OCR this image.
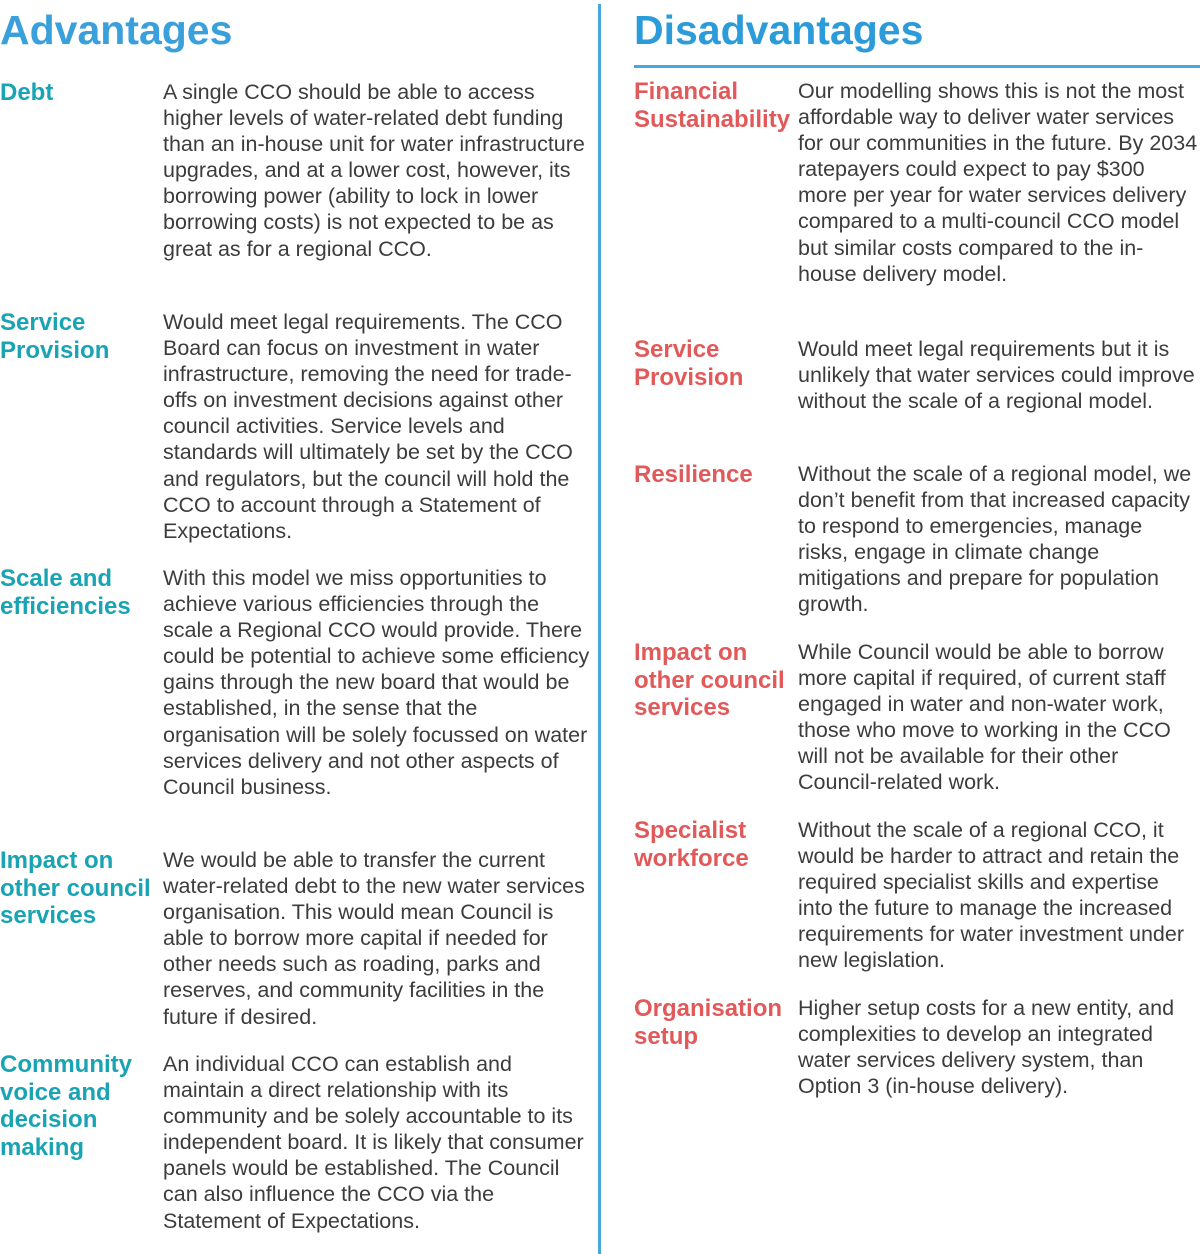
Advantages
Debt	A single CCO should be able to access higher levels of water-related debt funding than an in-house unit for water infrastructure upgrades, and at a lower cost, however, its borrowing power (ability to lock in lower borrowing costs) is not expected to be as great as for a regional CCO.
Service Provision
Would meet legal requirements. The CCO Board can focus on investment in water infrastructure, removing the need for trade-offs on investment decisions against other council activities. Service levels and standards will ultimately be set by the CCO and regulators, but the council will hold the CCO to account through a Statement of Expectations.
Scale and efficiencies
With this model we miss opportunities to achieve various efficiencies through the scale a Regional CCO would provide. There could be potential to achieve some efficiency gains through the new board that would be established, in the sense that the organisation will be solely focussed on water services delivery and not other aspects of Council business.
Impact on other council services
We would be able to transfer the current water-related debt to the new water services organisation. This would mean Council is able to borrow more capital if needed for other needs such as roading, parks and reserves, and community facilities in the future if desired.
Community voice and decision making
An individual CCO can establish and maintain a direct relationship with its community and be solely accountable to its independent board. It is likely that consumer panels would be established. The Council can also influence the CCO via the Statement of Expectations.
Disadvantages
Financial Sustainability
Our modelling shows this is not the most affordable way to deliver water services for our communities in the future. By 2034 ratepayers could expect to pay $300 more per year for water services delivery compared to a multi-council CCO model but similar costs compared to the in-house delivery model.
Service Provision
Would meet legal requirements but it is unlikely that water services could improve without the scale of a regional model.
Resilience	Without the scale of a regional model, we don’t benefit from that increased capacity to respond to emergencies, manage risks, engage in climate change mitigations and prepare for population growth.
Impact on other council services
While Council would be able to borrow more capital if required, of current staff engaged in water and non-water work, those who move to working in the CCO will not be available for their other Council-related work.
Specialist workforce
Without the scale of a regional CCO, it would be harder to attract and retain the required specialist skills and expertise into the future to manage the increased requirements for water investment under new legislation.
Organisation setup
Higher setup costs for a new entity, and complexities to develop an integrated water services delivery system, than Option 3 (in-house delivery).
